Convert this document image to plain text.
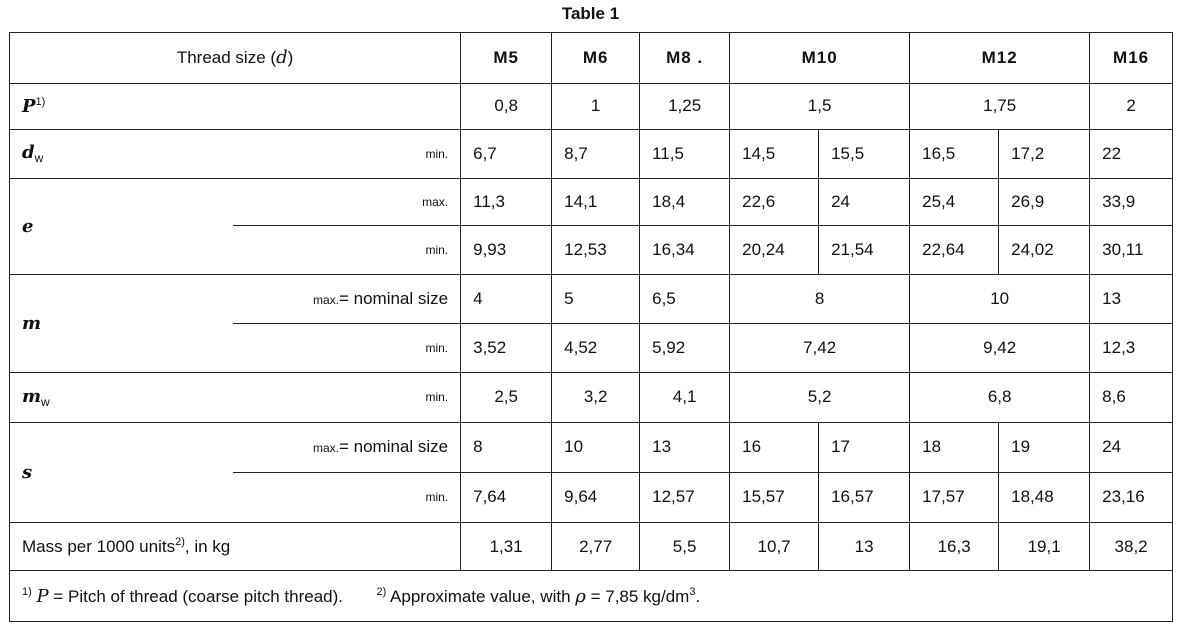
Table 1
Thread size (d)		M5	M6	M8 .	M10		M12		M16
$P^{1)}$		0,8	1	1,25	1,5		1,75		2
$d_w$	min.	6,7	8,7	11,5	14,5	15,5	16,5	17,2	22
e	max.	11,3	14,1	18,4	22,6	24	25,4	26,9	33,9

	min.	9,93	12,53	16,34	20,24	21,54	22,64	24,02	30,11
m	max.= nominal size	4	5	6,5	8		10		13

	min.	3,52	4,52	5,92	7,42		9,42		12,3
$m_w$	min.	2,5	3,2	4,1	5,2		6,8		8,6
s	max.= nominal size	8	10	13	16	17	18	19	24

	min.	7,64	9,64	12,57	15,57	16,57	17,57	18,48	23,16
Mass per 1000 units$^{2)}$, in kg		1,31	2,77	5,5	10,7	13	16,3	19,1	38,2
$^{1)}$ P = Pitch of thread (coarse pitch thread). $^{2)}$ Approximate value, with ρ = 7,85 $kg/dm^3$.									
